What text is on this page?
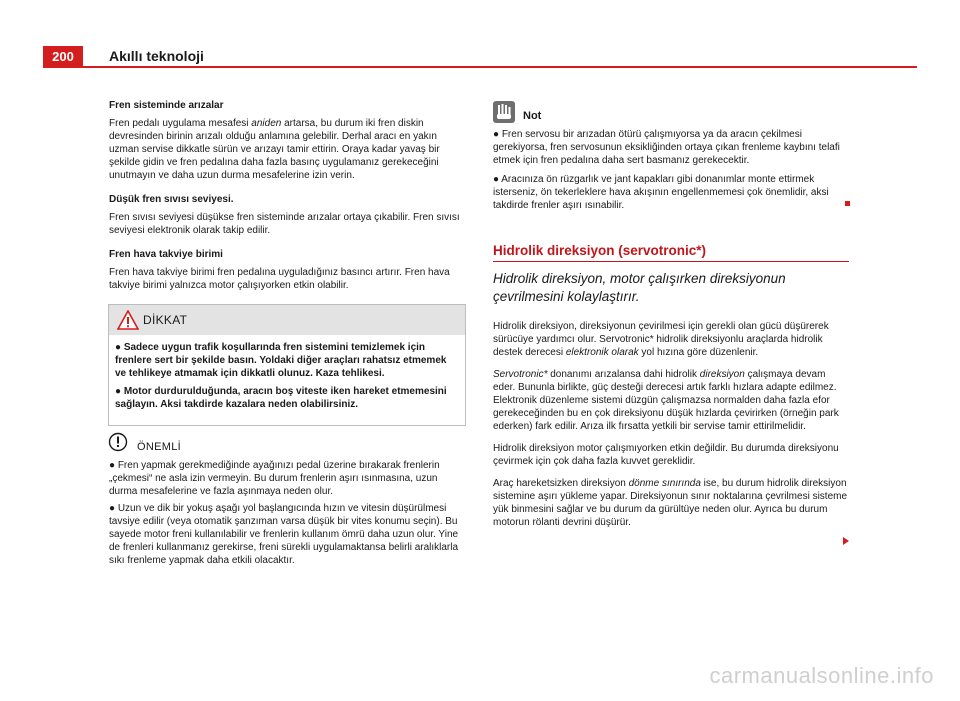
200	Akıllı teknoloji

Fren sisteminde arızalar

Fren pedalı uygulama mesafesi aniden artarsa, bu durum iki fren diskin devresinden birinin arızalı olduğu anlamına gelebilir. Derhal aracı en yakın uzman servise dikkatle sürün ve arızayı tamir ettirin. Oraya kadar yavaş bir şekilde gidin ve fren pedalına daha fazla basınç uygulamanız gerekeceğini unutmayın ve daha uzun durma mesafelerine izin verin.

Düşük fren sıvısı seviyesi.

Fren sıvısı seviyesi düşükse fren sisteminde arızalar ortaya çıkabilir. Fren sıvısı seviyesi elektronik olarak takip edilir.

Fren hava takviye birimi

Fren hava takviye birimi fren pedalına uyguladığınız basıncı artırır. Fren hava takviye birimi yalnızca motor çalışıyorken etkin olabilir.

DİKKAT

● Sadece uygun trafik koşullarında fren sistemini temizlemek için frenlere sert bir şekilde basın. Yoldaki diğer araçları rahatsız etmemek ve tehlikeye atmamak için dikkatli olunuz. Kaza tehlikesi.

● Motor durdurulduğunda, aracın boş viteste iken hareket etmemesini sağlayın. Aksi takdirde kazalara neden olabilirsiniz.

ÖNEMLİ

● Fren yapmak gerekmediğinde ayağınızı pedal üzerine bırakarak frenlerin „çekmesi“ ne asla izin vermeyin. Bu durum frenlerin aşırı ısınmasına, uzun durma mesafelerine ve fazla aşınmaya neden olur.

● Uzun ve dik bir yokuş aşağı yol başlangıcında hızın ve vitesin düşürülmesi tavsiye edilir (veya otomatik şanzıman varsa düşük bir vites konumu seçin). Bu sayede motor freni kullanılabilir ve frenlerin kullanım ömrü daha uzun olur. Yine de frenleri kullanmanız gerekirse, freni sürekli uygulamaktansa belirli aralıklarla sıkı frenleme yapmak daha etkili olacaktır.

Not

● Fren servosu bir arızadan ötürü çalışmıyorsa ya da aracın çekilmesi gerekiyorsa, fren servosunun eksikliğinden ortaya çıkan frenleme kaybını telafi etmek için fren pedalına daha sert basmanız gerekecektir.

● Aracınıza ön rüzgarlık ve jant kapakları gibi donanımlar monte ettirmek isterseniz, ön tekerleklere hava akışının engellenmemesi çok önemlidir, aksi takdirde frenler aşırı ısınabilir.

Hidrolik direksiyon (servotronic*)
Hidrolik direksiyon, motor çalışırken direksiyonun çevrilmesini kolaylaştırır.

Hidrolik direksiyon, direksiyonun çevirilmesi için gerekli olan gücü düşürerek sürücüye yardımcı olur. Servotronic* hidrolik direksiyonlu araçlarda hidrolik destek derecesi elektronik olarak yol hızına göre düzenlenir.

Servotronic* donanımı arızalansa dahi hidrolik direksiyon çalışmaya devam eder. Bununla birlikte, güç desteği derecesi artık farklı hızlara adapte edilmez. Elektronik düzenleme sistemi düzgün çalışmazsa normalden daha fazla efor gerekeceğinden bu en çok direksiyonu düşük hızlarda çevirirken (örneğin park ederken) fark edilir. Arıza ilk fırsatta yetkili bir servise tamir ettirilmelidir.

Hidrolik direksiyon motor çalışmıyorken etkin değildir. Bu durumda direksiyonu çevirmek için çok daha fazla kuvvet gereklidir.

Araç hareketsizken direksiyon dönme sınırında ise, bu durum hidrolik direksiyon sistemine aşırı yükleme yapar. Direksiyonun sınır noktalarına çevrilmesi sisteme yük binmesini sağlar ve bu durum da gürültüye neden olur. Ayrıca bu durum motorun rölanti devrini düşürür.

carmanualsonline.info
